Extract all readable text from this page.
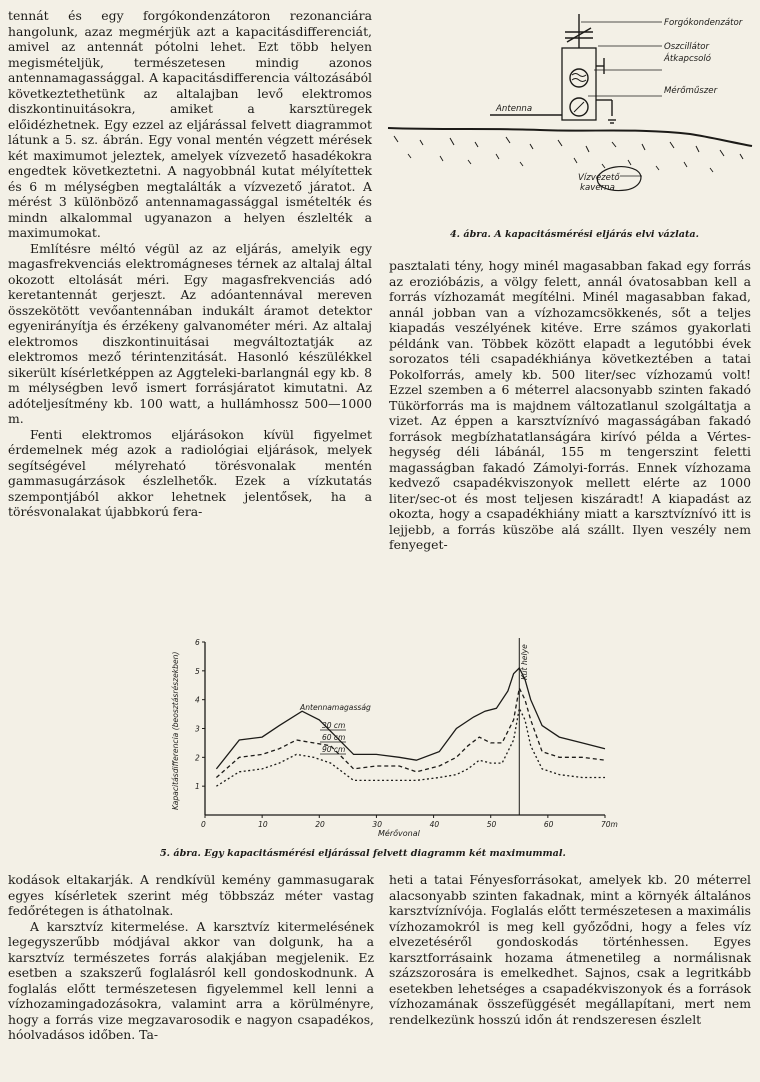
tennát és egy forgókondenzátoron rezonanciára hangolunk, azaz megmérjük azt a kapacitásdifferenciát, amivel az antennát pótolni lehet. Ezt több helyen megismételjük, természetesen mindig azonos antennamagassággal. A kapacitásdifferencia változásából következtethetünk az altalajban levő elektromos diszkontinuitásokra, amiket a karsztüregek előidézhetnek. Egy ezzel az eljárással felvett diagrammot látunk a 5. sz. ábrán. Egy vonal mentén végzett mérések két maximumot jeleztek, amelyek vízvezető hasadékokra engedtek következtetni. A nagyobbnál kutat mélyítettek és 6 m mélységben megtalálták a vízvezető járatot. A mérést 3 különböző antennamagassággal ismételték és mindn alkalommal ugyanazon a helyen észlelték a maximumokat.

Említésre méltó végül az az eljárás, amelyik egy magasfrekvenciás elektromágneses térnek az altalaj által okozott eltolását méri. Egy magasfrekvenciás adó keretantennát gerjeszt. Az adóantennával mereven összekötött vevőantennában indukált áramot detektor egyenirányítja és érzékeny galvanométer méri. Az altalaj elektromos diszkontinuitásai megváltoztatják az elektromos mező térintenzitását. Hasonló készülékkel sikerült kísérletképpen az Aggteleki-barlangnál egy kb. 8 m mélységben levő ismert forrásjáratot kimutatni. Az adóteljesítmény kb. 100 watt, a hullámhossz 500—1000 m.

Fenti elektromos eljárásokon kívül figyelmet érdemelnek még azok a radiológiai eljárások, melyek segítségével mélyreható törésvonalak mentén gammasugárzások észlelhetők. Ezek a vízkutatás szempontjából akkor lehetnek jelentősek, ha a törésvonalakat újabbkorú fera-

Forgókondenzátor
Oszcillátor
Átkapcsoló
Mérőműszer
Antenna
Vízvezető
kaverna
4. ábra. A kapacitásmérési eljárás elvi vázlata.

pasztalati tény, hogy minél magasabban fakad egy forrás az erozióbázis, a völgy felett, annál óvatosabban kell a forrás vízhozamát megítélni. Minél magasabban fakad, annál jobban van a vízhozamcsökkenés, sőt a teljes kiapadás veszélyének kitéve. Erre számos gyakorlati példánk van. Többek között elapadt a legutóbbi évek sorozatos téli csapadékhiánya következtében a tatai Pokolforrás, amely kb. 500 liter/sec vízhozamú volt! Ezzel szemben a 6 méterrel alacsonyabb szinten fakadó Tükörforrás ma is majdnem változatlanul szolgáltatja a vizet. Az éppen a karsztvíznívó magasságában fakadó források megbízhatatlanságára kirívó példa a Vértes-hegység déli lábánál, 155 m tengerszint feletti magasságban fakadó Zámolyi-forrás. Ennek vízhozama kedvező csapadékviszonyok mellett elérte az 1000 liter/sec-ot és most teljesen kiszáradt! A kiapadást az okozta, hogy a csapadékhiány miatt a karsztvíznívó itt is lejjebb, a forrás küszöbe alá szállt. Ilyen veszély nem fenyeget-

0	10	20	30	40	50	60	70m
1
2
3
4
5
6
30 cm
60 cm
90 cm
Kapacitásdifferencia (beosztásrészekben)
Mérővonal
Antennamagasság
Kút helye
5. ábra. Egy kapacitásmérési eljárással felvett diagramm két maximummal.

kodások eltakarják. A rendkívül kemény gammasugarak egyes kísérletek szerint még többszáz méter vastag fedőrétegen is áthatolnak.

A karsztvíz kitermelése. A karsztvíz kitermelésének legegyszerűbb módjával akkor van dolgunk, ha a karsztvíz természetes forrás alakjában megjelenik. Ez esetben a szakszerű foglalásról kell gondoskodnunk. A foglalás előtt természetesen figyelemmel kell lenni a vízhozamingadozásokra, valamint arra a körülményre, hogy a forrás vize megzavarosodik e nagyon csapadékos, hóolvadásos időben. Ta-

heti a tatai Fényesforrásokat, amelyek kb. 20 méterrel alacsonyabb szinten fakadnak, mint a környék általános karsztvíznívója. Foglalás előtt természetesen a maximális vízhozamokról is meg kell győződni, hogy a feles víz elvezetéséről gondoskodás történhessen. Egyes karsztforrásaink hozama átmenetileg a normálisnak százszorosára is emelkedhet. Sajnos, csak a legritkább esetekben lehetséges a csapadékviszonyok és a források vízhozamának összefüggését megállapítani, mert nem rendelkezünk hosszú időn át rendszeresen észlelt
